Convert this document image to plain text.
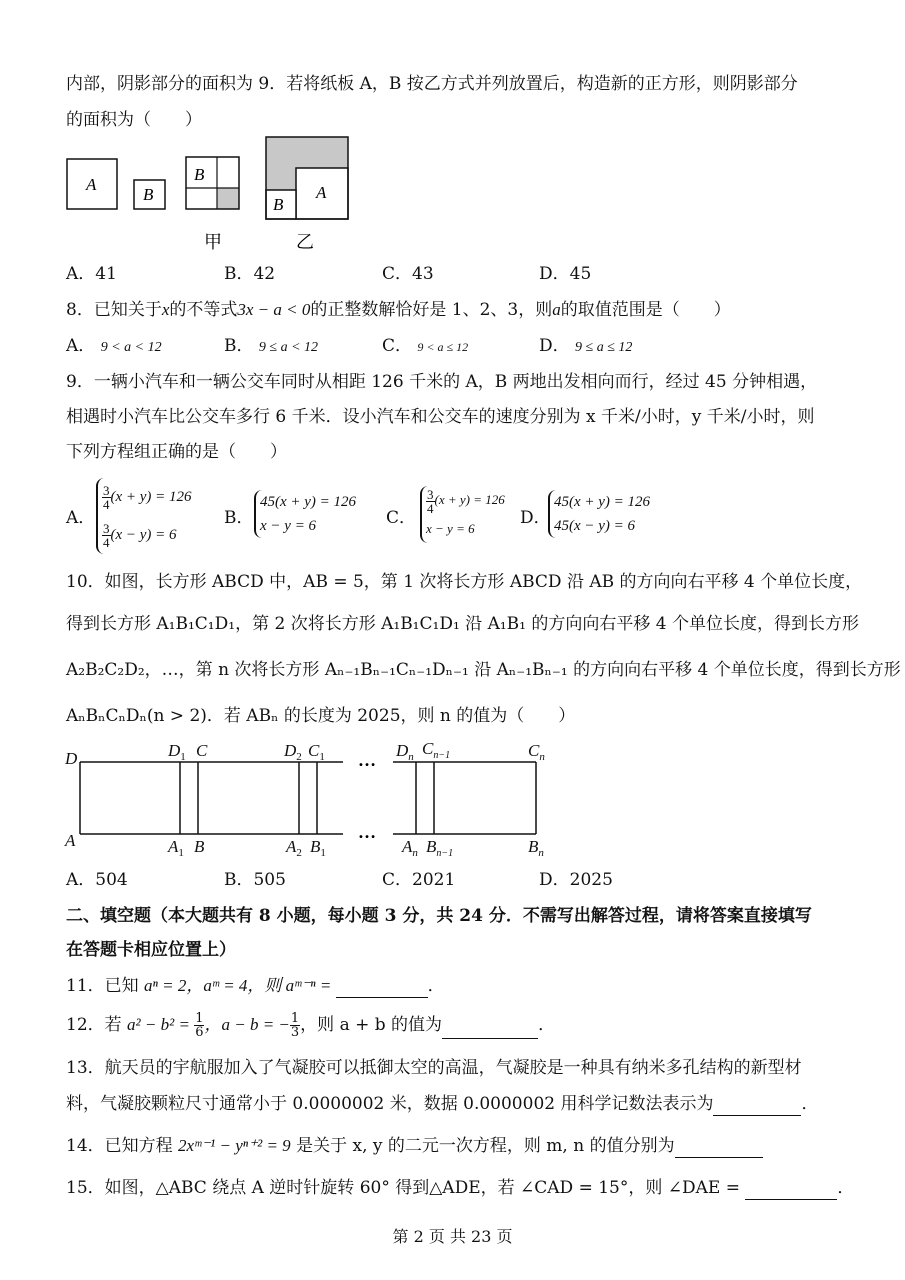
内部，阴影部分的面积为 9．若将纸板 A，B 按乙方式并列放置后，构造新的正方形，则阴影部分
的面积为（　　）
A
B
B
A
B
甲	乙
A．41	B．42	C．43	D．45
8．已知关于x的不等式3x − a < 0的正整数解恰好是 1、2、3，则a的取值范围是（　　）
A． 9 < a < 12	B． 9 ≤ a < 12	C． 9 < a ≤ 12	D． 9 ≤ a ≤ 12
9．一辆小汽车和一辆公交车同时从相距 126 千米的 A，B 两地出发相向而行，经过 45 分钟相遇，
相遇时小汽车比公交车多行 6 千米．设小汽车和公交车的速度分别为 x 千米/小时，y 千米/小时，则
下列方程组正确的是（　　）
A．
$\frac{3}{4} (x + y) = 126$
$\frac{3}{4} (x - y) = 6$
B．
45(x + y) = 126
x − y = 6	C．
$\frac{3}{4} (x + y) = 126$
x − y = 6
D．
45(x + y) = 126
45(x − y) = 6
10．如图，长方形 ABCD 中，AB = 5，第 1 次将长方形 ABCD 沿 AB 的方向向右平移 4 个单位长度，
得到长方形 A₁B₁C₁D₁，第 2 次将长方形 A₁B₁C₁D₁ 沿 A₁B₁ 的方向向右平移 4 个单位长度，得到长方形
A₂B₂C₂D₂，…，第 n 次将长方形 Aₙ₋₁Bₙ₋₁Cₙ₋₁Dₙ₋₁ 沿 Aₙ₋₁Bₙ₋₁ 的方向向右平移 4 个单位长度，得到长方形
AₙBₙCₙDₙ(n > 2)．若 ABₙ 的长度为 2025，则 n 的值为（　　）
D	$D_1$ C	$D_2$ $C_1$	$D_n$ $C_{n-1}$	$C_n$
A	$A_1$ B	$A_2$ $B_1$	$A_n$ $B_{n-1}$	$B_n$
…
…
A．504	B．505	C．2021	D．2025
二、填空题（本大题共有 8 小题，每小题 3 分，共 24 分．不需写出解答过程，请将答案直接填写
在答题卡相应位置上）
11．已知 aⁿ = 2，aᵐ = 4，则 aᵐ⁻ⁿ =	．
12．若 $a^2 - b^2 = \frac{1}{6}$ ，a − b = − $\frac{1}{3}$ ，则 a + b 的值为	．
13．航天员的宇航服加入了气凝胶可以抵御太空的高温，气凝胶是一种具有纳米多孔结构的新型材
料，气凝胶颗粒尺寸通常小于 0.0000002 米，数据 0.0000002 用科学记数法表示为	．
14．已知方程 2xᵐ⁻¹ − yⁿ⁺² = 9 是关于 x, y 的二元一次方程，则 m, n 的值分别为
15．如图，△ABC 绕点 A 逆时针旋转 60° 得到△ADE，若 ∠CAD = 15°，则 ∠DAE =	．
第 2 页 共 23 页
